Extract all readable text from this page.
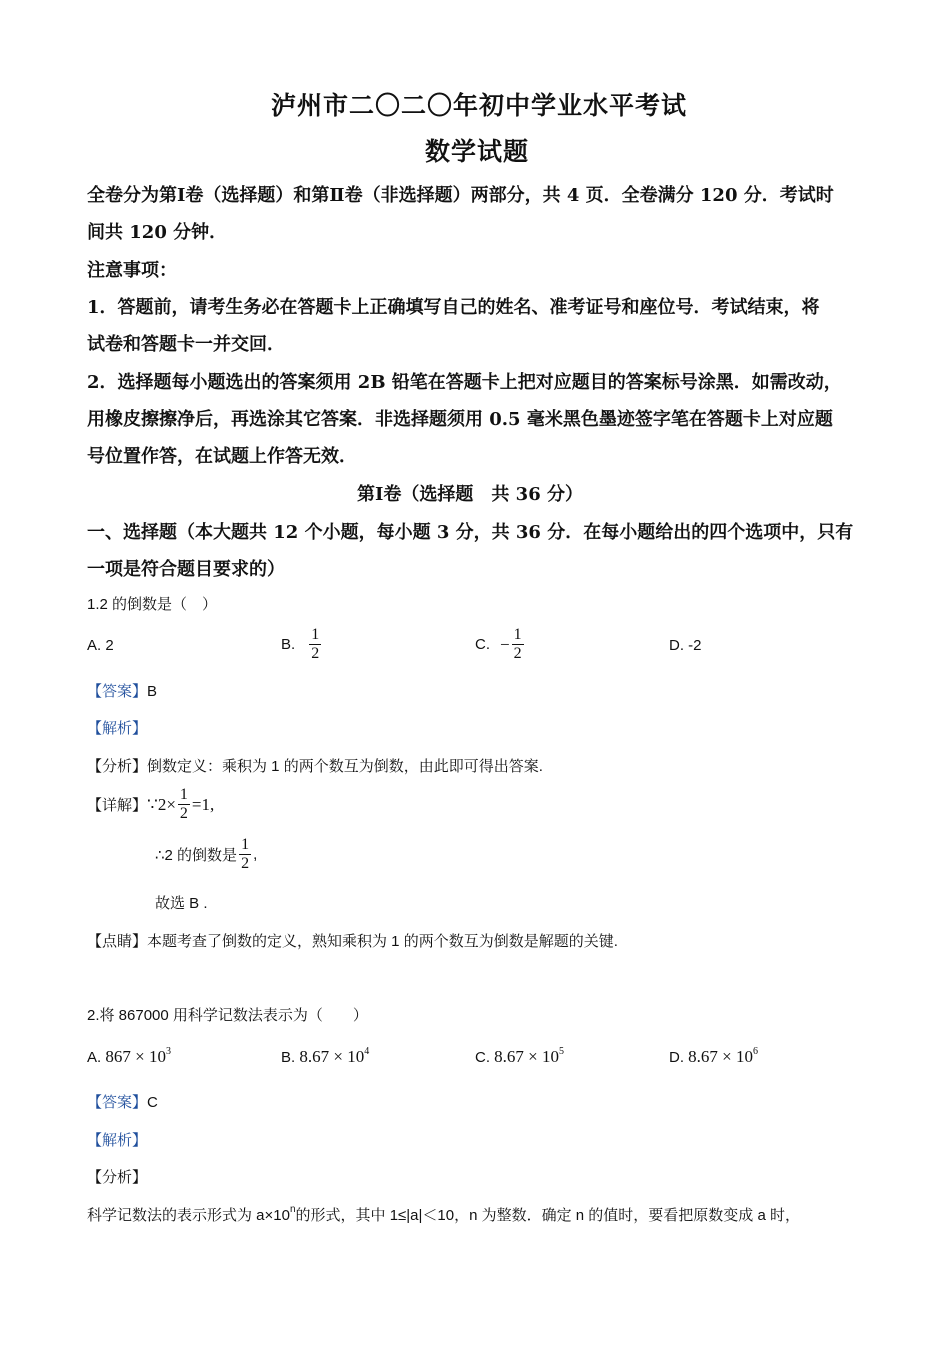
泸州市二〇二〇年初中学业水平考试
数学试题
全卷分为第Ⅰ卷（选择题）和第Ⅱ卷（非选择题）两部分，共 4 页．全卷满分 120 分．考试时
间共 120 分钟．
注意事项：
1．答题前，请考生务必在答题卡上正确填写自己的姓名、准考证号和座位号．考试结束，将
试卷和答题卡一并交回．
2．选择题每小题选出的答案须用 2B 铅笔在答题卡上把对应题目的答案标号涂黑．如需改动，
用橡皮擦擦净后，再选涂其它答案．非选择题须用 0.5 毫米黑色墨迹签字笔在答题卡上对应题
号位置作答，在试题上作答无效．
第Ⅰ卷（选择题　共 36 分）
一、选择题（本大题共 12 个小题，每小题 3 分，共 36 分．在每小题给出的四个选项中，只有
一项是符合题目要求的）
1.2 的倒数是（　）
A. 2	B. $\frac{1}{2}$	C. − $\frac{1}{2}$	D. -2
【答案】B
【解析】
【分析】倒数定义：乘积为 1 的两个数互为倒数，由此即可得出答案.
【详解】 ∵2× $\frac{1}{2} =1$,
∴2 的倒数是 $\frac{1}{2}$ ,
故选 B .
【点睛】本题考查了倒数的定义，熟知乘积为 1 的两个数互为倒数是解题的关键.
2.将 867000 用科学记数法表示为（　　）
A. $867 \times 10^3$	B. $8.67 \times 10^4$	C. $8.67 \times 10^5$	D. $8.67 \times 10^6$
【答案】C
【解析】
【分析】
科学记数法的表示形式为 $a\times 10^n$的形式，其中 1≤|a|＜10，n 为整数．确定 n 的值时，要看把原数变成 a 时，
